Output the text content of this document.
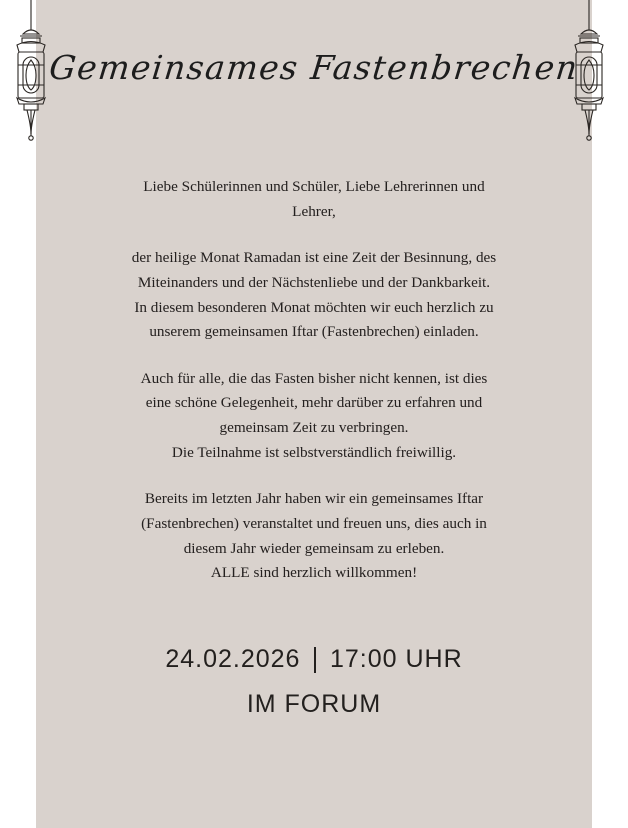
Gemeinsames Fastenbrechen

Liebe Schülerinnen und Schüler, Liebe Lehrerinnen und
Lehrer,

der heilige Monat Ramadan ist eine Zeit der Besinnung, des
Miteinanders und der Nächstenliebe und der Dankbarkeit.
In diesem besonderen Monat möchten wir euch herzlich zu
unserem gemeinsamen Iftar (Fastenbrechen) einladen.

Auch für alle, die das Fasten bisher nicht kennen, ist dies
eine schöne Gelegenheit, mehr darüber zu erfahren und
gemeinsam Zeit zu verbringen.
Die Teilnahme ist selbstverständlich freiwillig.

Bereits im letzten Jahr haben wir ein gemeinsames Iftar
(Fastenbrechen) veranstaltet und freuen uns, dies auch in
diesem Jahr wieder gemeinsam zu erleben.
ALLE sind herzlich willkommen!

24.02.2026 17:00 UHR
IM FORUM
